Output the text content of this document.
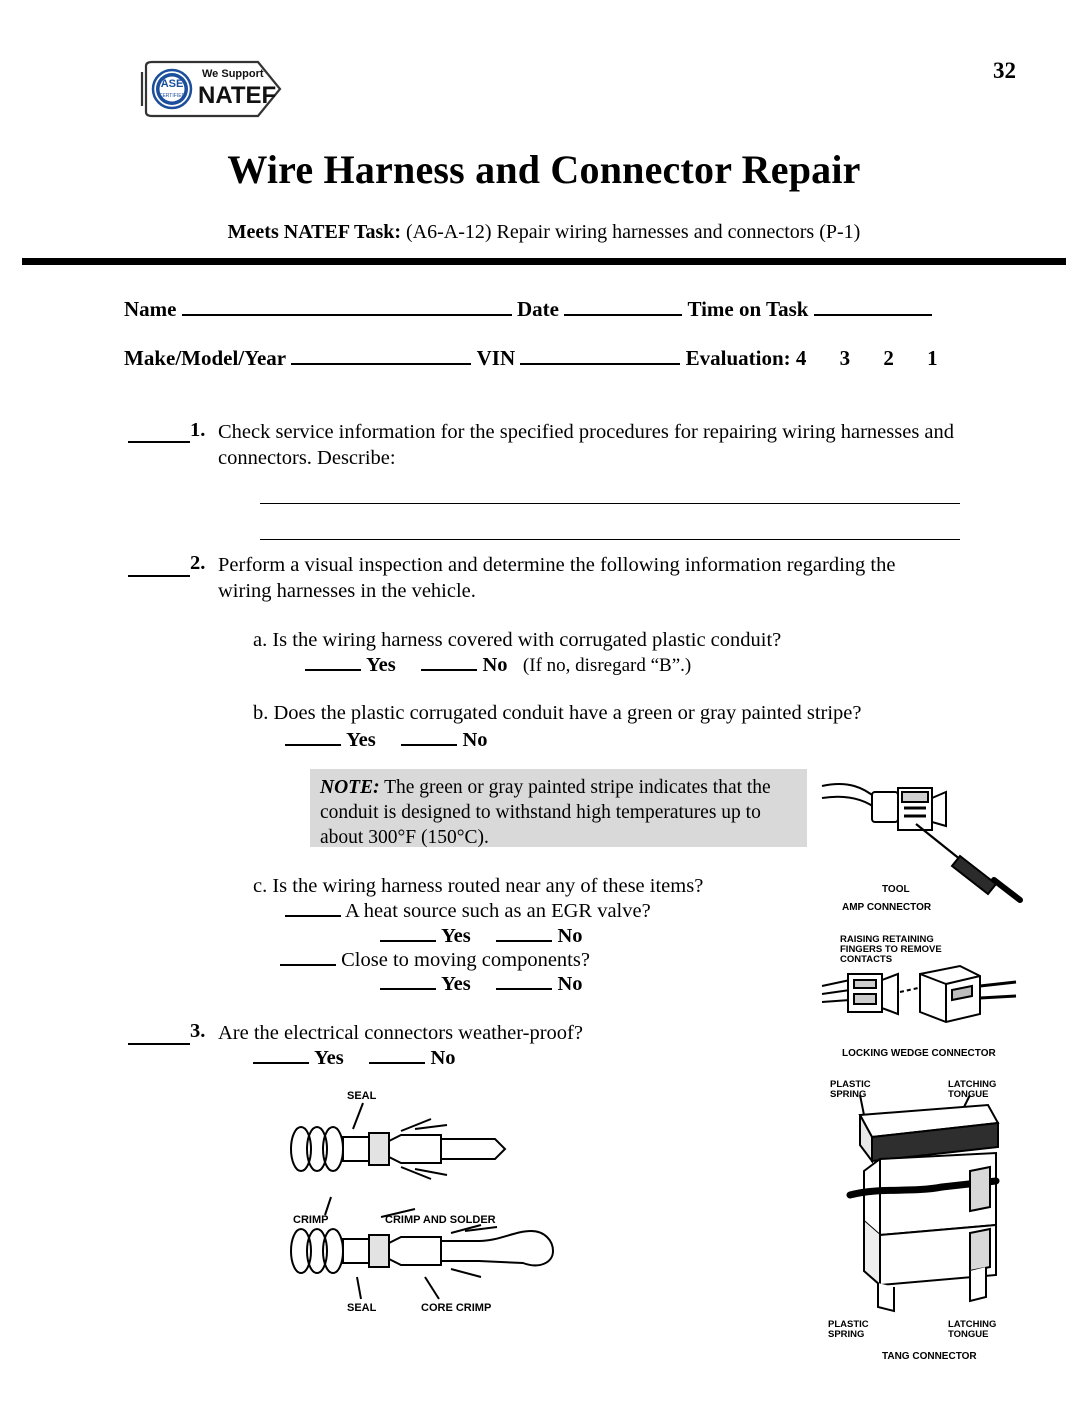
32
ASE
CERTIFIED
We Support
NATEF
Wire Harness and Connector Repair
Meets NATEF Task: (A6-A-12) Repair wiring harnesses and connectors (P-1)
Name	Date	Time on Task
Make/Model/Year	VIN	Evaluation: 4 3 2 1
1. Check service information for the specified procedures for repairing wiring harnesses and connectors. Describe:
2. Perform a visual inspection and determine the following information regarding the wiring harnesses in the vehicle.
a. Is the wiring harness covered with corrugated plastic conduit?
Yes	No (If no, disregard “B”.)
b. Does the plastic corrugated conduit have a green or gray painted stripe?
Yes	No
NOTE: The green or gray painted stripe indicates that the conduit is designed to withstand high temperatures up to about 300°F (150°C).
c. Is the wiring harness routed near any of these items?
A heat source such as an EGR valve?
Yes	No
Close to moving components?
Yes	No
3. Are the electrical connectors weather-proof?
Yes	No
TOOL
AMP CONNECTOR
RAISING RETAINING
FINGERS TO REMOVE
CONTACTS
LOCKING WEDGE CONNECTOR
PLASTIC
SPRING
LATCHING
TONGUE
PLASTIC
SPRING
LATCHING
TONGUE
TANG CONNECTOR
SEAL
CRIMP	CRIMP AND SOLDER
SEAL	CORE CRIMP
